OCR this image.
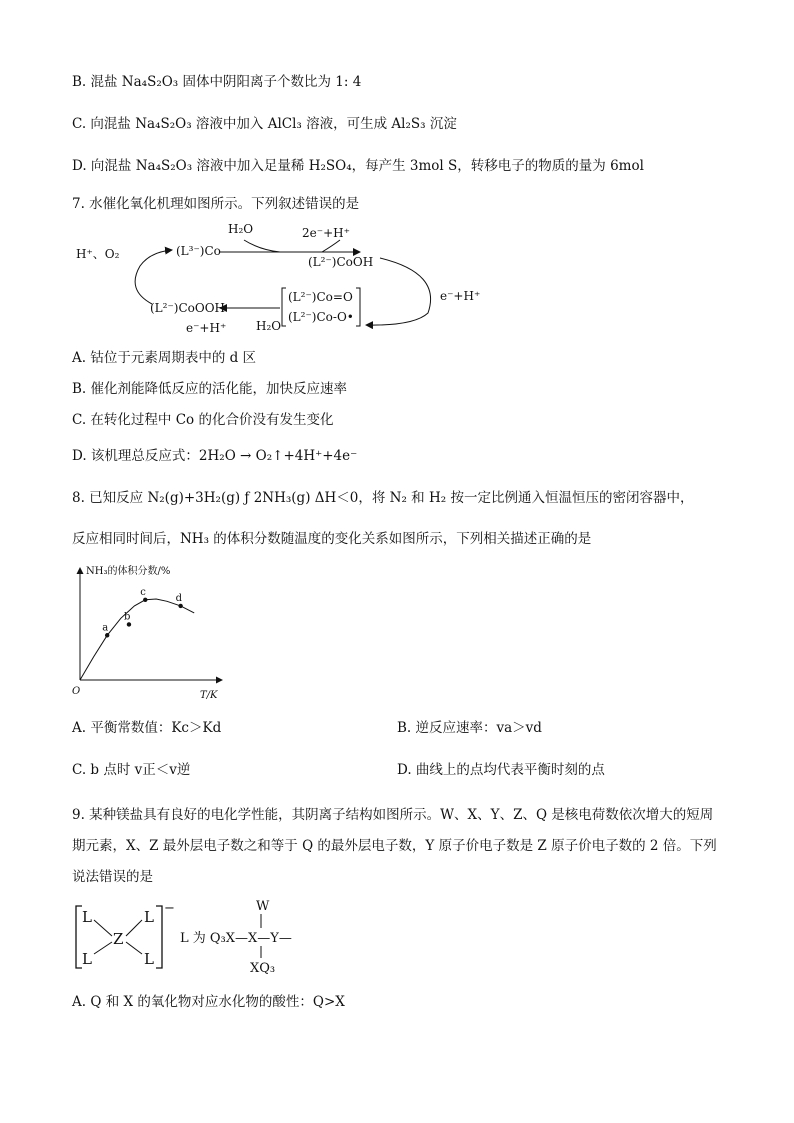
B. 混盐 Na₄S₂O₃ 固体中阴阳离子个数比为 1: 4
C. 向混盐 Na₄S₂O₃ 溶液中加入 AlCl₃ 溶液，可生成 Al₂S₃ 沉淀
D. 向混盐 Na₄S₂O₃ 溶液中加入足量稀 H₂SO₄，每产生 3mol S，转移电子的物质的量为 6mol
7. 水催化氧化机理如图所示。下列叙述错误的是
H⁺、O₂	(L³⁻)Co
H₂O	2e⁻+H⁺
(L²⁻)CoOH
e⁻+H⁺
(L²⁻)CoOOH
(L²⁻)Co=O
(L²⁻)Co-O•
H₂O
e⁻+H⁺
A. 钴位于元素周期表中的 d 区
B. 催化剂能降低反应的活化能，加快反应速率
C. 在转化过程中 Co 的化合价没有发生变化
D. 该机理总反应式：2H₂O → O₂↑+4H⁺+4e⁻
8. 已知反应 N₂(g)+3H₂(g) ƒ 2NH₃(g) ΔH＜0，将 N₂ 和 H₂ 按一定比例通入恒温恒压的密闭容器中，
反应相同时间后，NH₃ 的体积分数随温度的变化关系如图所示，下列相关描述正确的是
NH₃的体积分数/%
T/K
O
a
b
c
d
A. 平衡常数值：Kc＞Kd	B. 逆反应速率：va＞vd
C. b 点时 v正＜v逆	D. 曲线上的点均代表平衡时刻的点
9. 某种镁盐具有良好的电化学性能，其阴离子结构如图所示。W、X、Y、Z、Q 是核电荷数依次增大的短周期元素，X、Z 最外层电子数之和等于 Q 的最外层电子数，Y 原子价电子数是 Z 原子价电子数的 2 倍。下列说法错误的是
L	L
L	L
Z
−
L 为 Q₃X—X—Y—
W
XQ₃
A. Q 和 X 的氧化物对应水化物的酸性：Q>X
